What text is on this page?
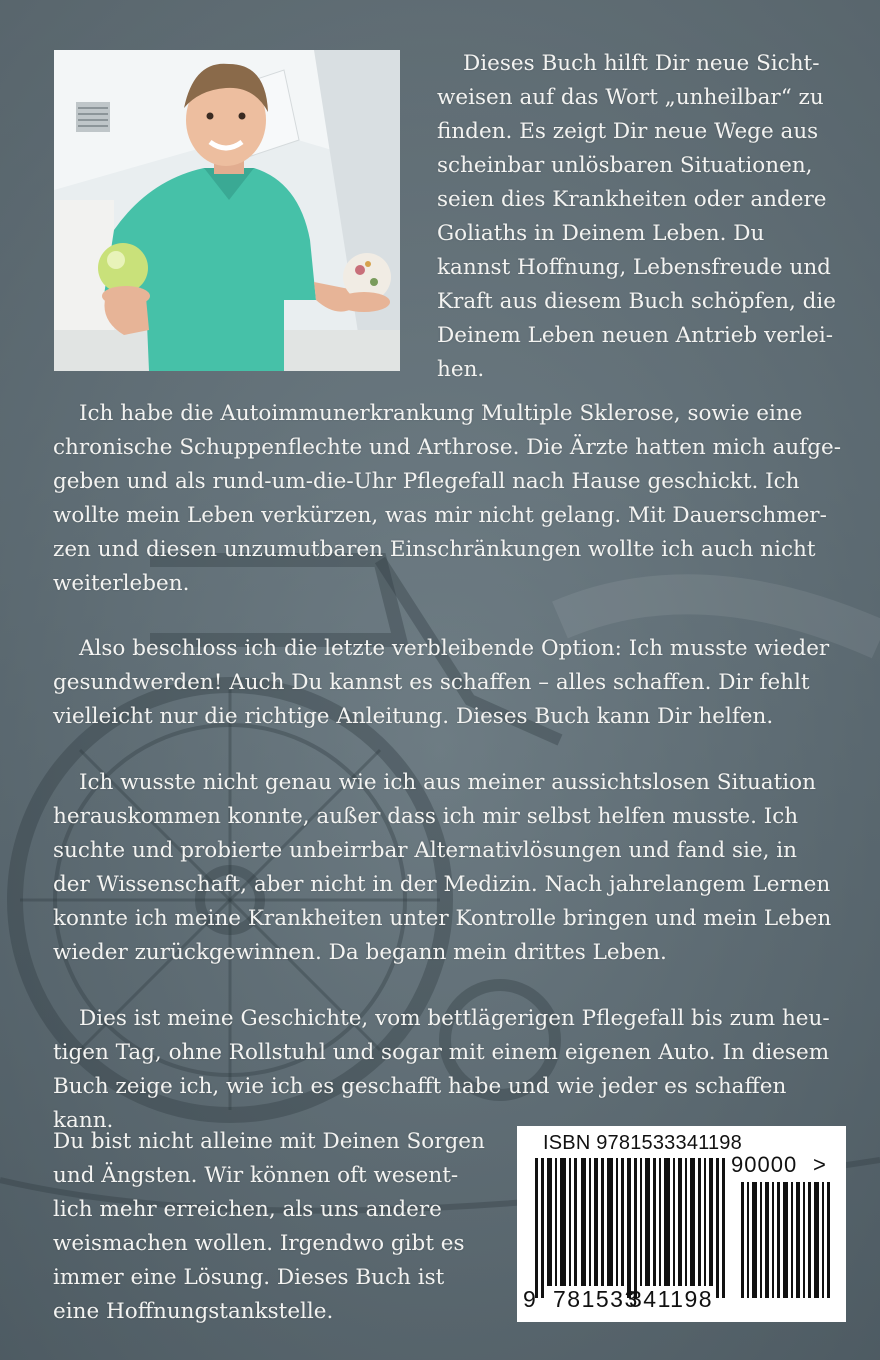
Dieses Buch hilft Dir neue Sicht-
weisen auf das Wort „unheilbar“ zu
finden. Es zeigt Dir neue Wege aus
scheinbar unlösbaren Situationen,
seien dies Krankheiten oder andere
Goliaths in Deinem Leben. Du
kannst Hoffnung, Lebensfreude und
Kraft aus diesem Buch schöpfen, die
Deinem Leben neuen Antrieb verlei-
hen.

Ich habe die Autoimmunerkrankung Multiple Sklerose, sowie eine
chronische Schuppenflechte und Arthrose. Die Ärzte hatten mich aufge-
geben und als rund-um-die-Uhr Pflegefall nach Hause geschickt. Ich
wollte mein Leben verkürzen, was mir nicht gelang. Mit Dauerschmer-
zen und diesen unzumutbaren Einschränkungen wollte ich auch nicht
weiterleben.

Also beschloss ich die letzte verbleibende Option: Ich musste wieder
gesundwerden! Auch Du kannst es schaffen – alles schaffen. Dir fehlt
vielleicht nur die richtige Anleitung. Dieses Buch kann Dir helfen.

Ich wusste nicht genau wie ich aus meiner aussichtslosen Situation
herauskommen konnte, außer dass ich mir selbst helfen musste. Ich
suchte und probierte unbeirrbar Alternativlösungen und fand sie, in
der Wissenschaft, aber nicht in der Medizin. Nach jahrelangem Lernen
konnte ich meine Krankheiten unter Kontrolle bringen und mein Leben
wieder zurückgewinnen. Da begann mein drittes Leben.

Dies ist meine Geschichte, vom bettlägerigen Pflegefall bis zum heu-
tigen Tag, ohne Rollstuhl und sogar mit einem eigenen Auto. In diesem
Buch zeige ich, wie ich es geschafft habe und wie jeder es schaffen kann.

Du bist nicht alleine mit Deinen Sorgen
und Ängsten. Wir können oft wesent-
lich mehr erreichen, als uns andere
weismachen wollen. Irgendwo gibt es
immer eine Lösung. Dieses Buch ist
eine Hoffnungstankstelle.

ISBN 9781533341198
90000 >
9 781533
341198
